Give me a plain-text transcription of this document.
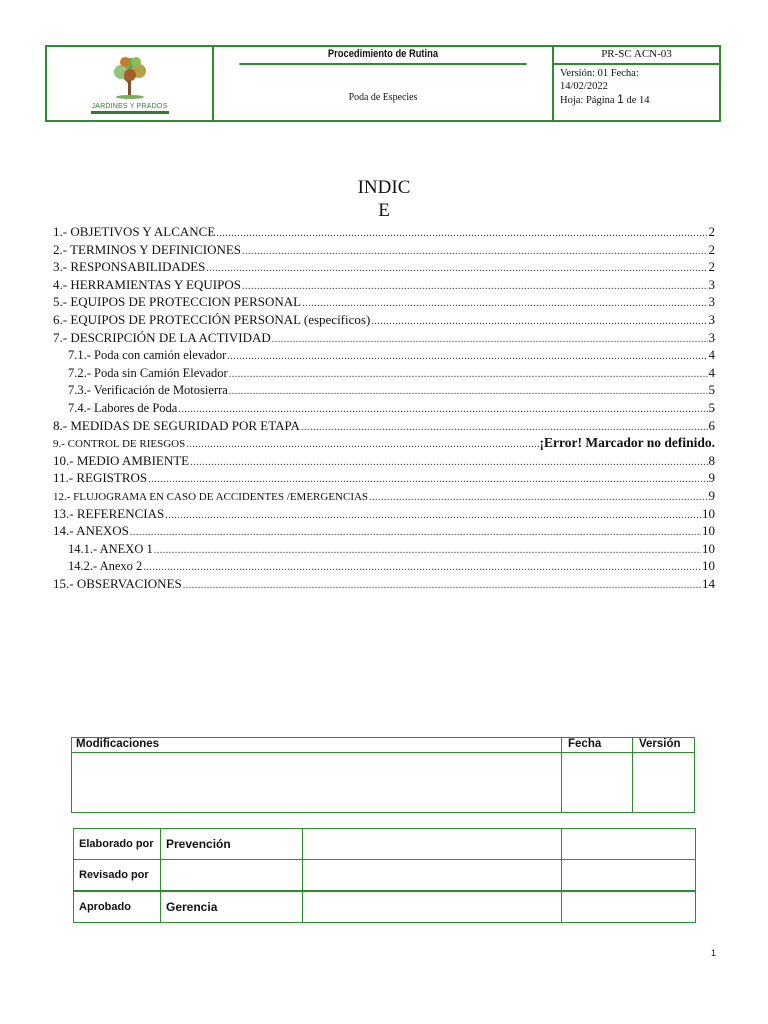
JARDINES Y PRADOS
Procedimiento de Rutina
Poda de Especies
PR-SC ACN-03
Versión: 01 Fecha:
14/02/2022
Hoja: Página 1 de 14
INDIC
E
1.- OBJETIVOS Y ALCANCE .....	2
2.- TERMINOS Y DEFINICIONES .....	2
3.- RESPONSABILIDADES .....	2
4.- HERRAMIENTAS Y EQUIPOS .....	3
5.- EQUIPOS DE PROTECCION PERSONAL .....	3
6.- EQUIPOS DE PROTECCIÓN PERSONAL (específicos) .....	3
7.- DESCRIPCIÓN DE LA ACTIVIDAD .....	3
7.1.- Poda con camión elevador .....	4
7.2.- Poda sin Camión Elevador .....	4
7.3.- Verificación de Motosierra .....	5
7.4.- Labores de Poda .....	5
8.- MEDIDAS DE SEGURIDAD POR ETAPA .....	6
9.- CONTROL DE RIESGOS .....	¡Error! Marcador no definido.
10.- MEDIO AMBIENTE .....	8
11.- REGISTROS .....	9
12.- FLUJOGRAMA EN CASO DE ACCIDENTES /EMERGENCIAS .....	9
13.- REFERENCIAS .....	10
14.- ANEXOS .....	10
14.1.- ANEXO 1 .....	10
14.2.- Anexo 2 .....	10
15.- OBSERVACIONES .....	14
Modificaciones	Fecha	Versión
Elaborado por	Prevención
Revisado por
Aprobado	Gerencia
1
